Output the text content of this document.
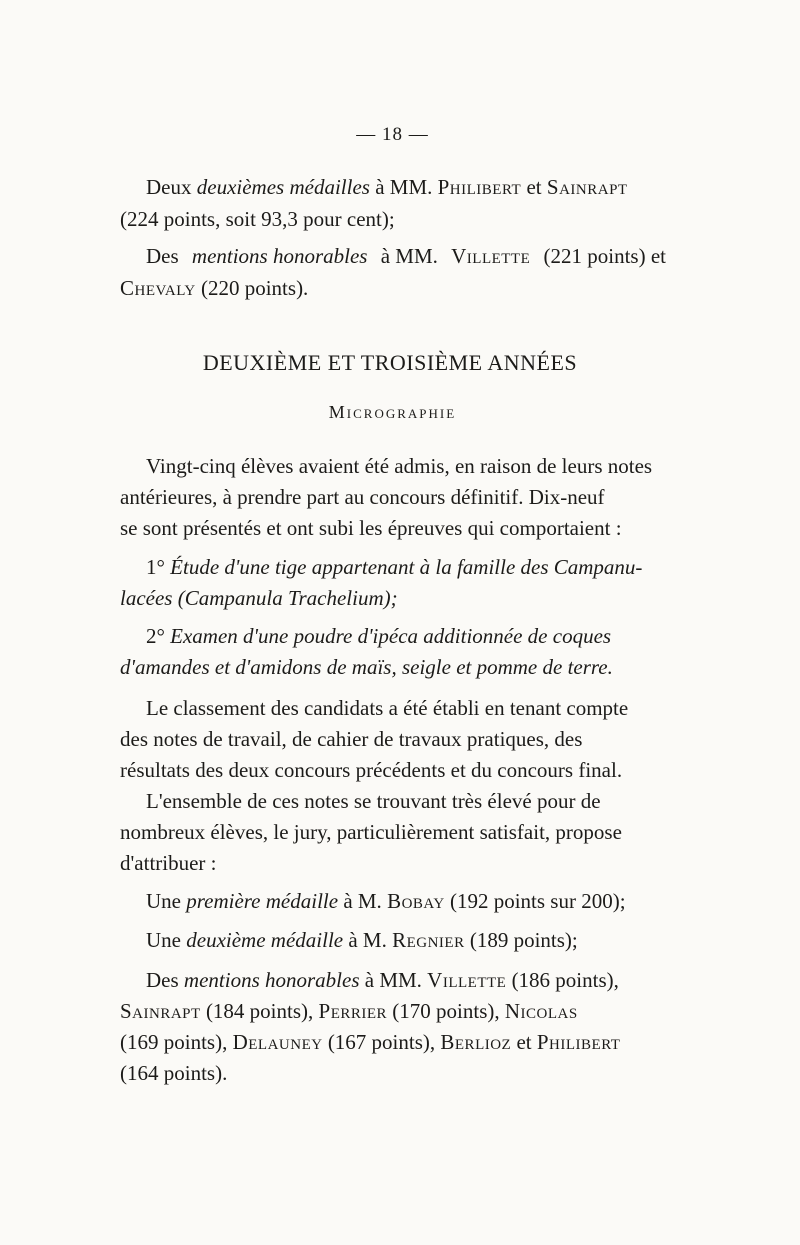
— 18 —
Deux deuxièmes médailles à MM. Philibert et Sainrapt
(224 points, soit 93,3 pour cent);
Des mentions honorables à MM. Villette (221 points) et
Chevaly (220 points).
DEUXIÈME ET TROISIÈME ANNÉES
Micrographie
Vingt-cinq élèves avaient été admis, en raison de leurs notes
antérieures, à prendre part au concours définitif. Dix-neuf
se sont présentés et ont subi les épreuves qui comportaient :
1° Étude d'une tige appartenant à la famille des Campanu-
lacées (Campanula Trachelium);
2° Examen d'une poudre d'ipéca additionnée de coques
d'amandes et d'amidons de maïs, seigle et pomme de terre.
Le classement des candidats a été établi en tenant compte
des notes de travail, de cahier de travaux pratiques, des
résultats des deux concours précédents et du concours final.
L'ensemble de ces notes se trouvant très élevé pour de
nombreux élèves, le jury, particulièrement satisfait, propose
d'attribuer :
Une première médaille à M. Bobay (192 points sur 200);
Une deuxième médaille à M. Regnier (189 points);
Des mentions honorables à MM. Villette (186 points),
Sainrapt (184 points), Perrier (170 points), Nicolas
(169 points), Delauney (167 points), Berlioz et Philibert
(164 points).
